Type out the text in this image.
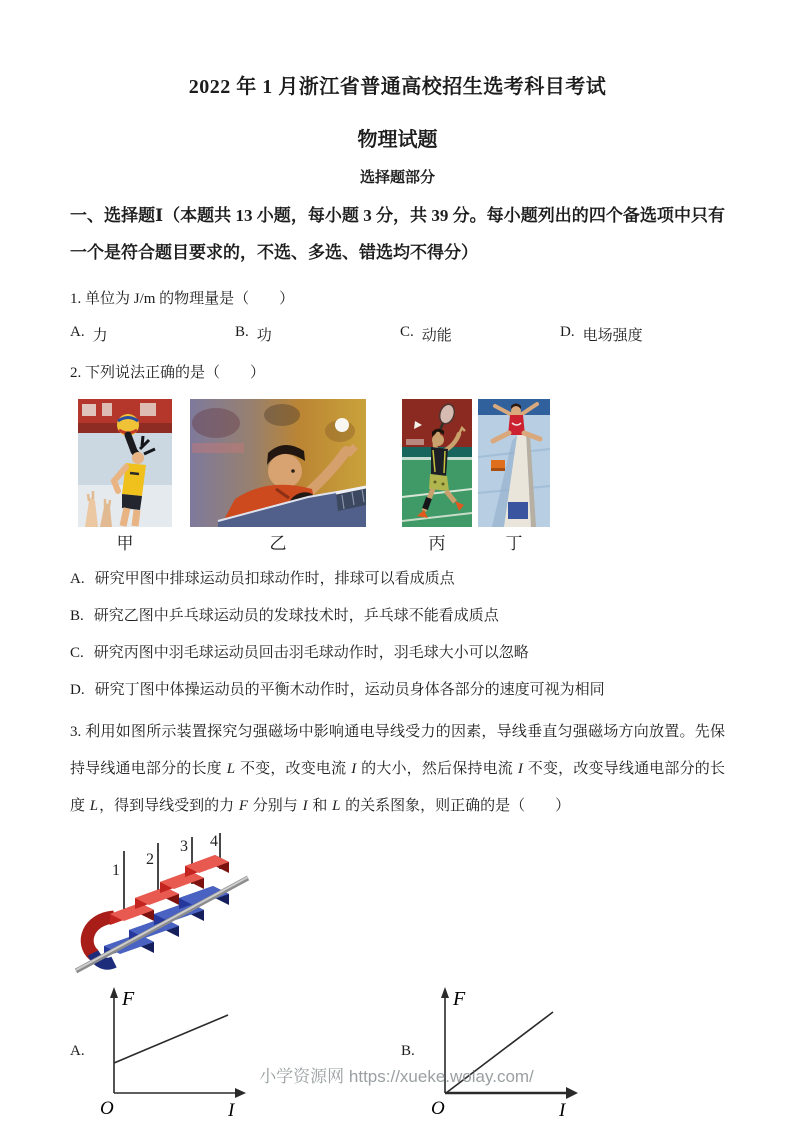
2022 年 1 月浙江省普通高校招生选考科目考试
物理试题
选择题部分

一、选择题Ⅰ（本题共 13 小题，每小题 3 分，共 39 分。每小题列出的四个备选项中只有一个是符合题目要求的，不选、多选、错选均不得分）

1. 单位为 J/m 的物理量是（　　）

A. 力	B. 功	C. 动能	D. 电场强度

2. 下列说法正确的是（　　）

甲	乙	丙	丁
A. 研究甲图中排球运动员扣球动作时，排球可以看成质点
B. 研究乙图中乒乓球运动员的发球技术时，乒乓球不能看成质点
C. 研究丙图中羽毛球运动员回击羽毛球动作时，羽毛球大小可以忽略
D. 研究丁图中体操运动员的平衡木动作时，运动员身体各部分的速度可视为相同

3. 利用如图所示装置探究匀强磁场中影响通电导线受力的因素，导线垂直匀强磁场方向放置。先保持导线通电部分的长度 L 不变，改变电流 I 的大小，然后保持电流 I 不变，改变导线通电部分的长度 L，得到导线受到的力 F 分别与 I 和 L 的关系图象，则正确的是（　　）

1
2
3 4
A.
F
O	I
B.
F
O	I
小学资源网 https://xueke.woiay.com/
